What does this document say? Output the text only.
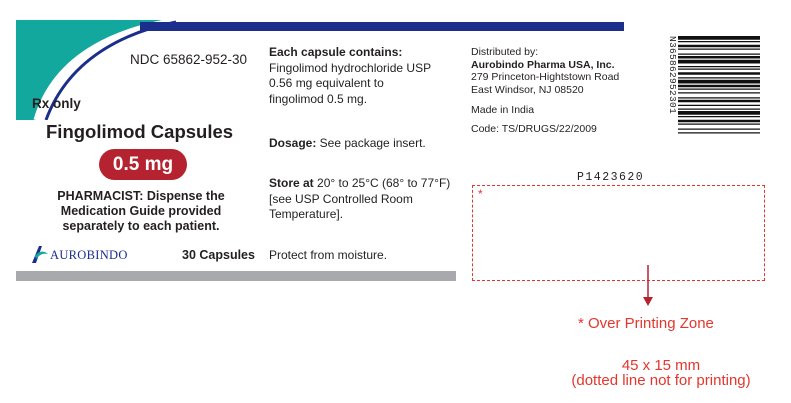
NDC 65862-952-30
Rx only
Fingolimod Capsules
0.5 mg
PHARMACIST: Dispense the
Medication Guide provided
separately to each patient.
AUROBINDO	30 Capsules
Each capsule contains:
Fingolimod hydrochloride USP
0.56 mg equivalent to
fingolimod 0.5 mg.
Dosage: See package insert.
Store at 20° to 25°C (68° to 77°F)
[see USP Controlled Room
Temperature].
Protect from moisture.
Distributed by:
Aurobindo Pharma USA, Inc.
279 Princeton-Hightstown Road
East Windsor, NJ 08520
Made in India
Code: TS/DRUGS/22/2009
N365862952301
P1423620
*
* Over Printing Zone
45 x 15 mm
(dotted line not for printing)
